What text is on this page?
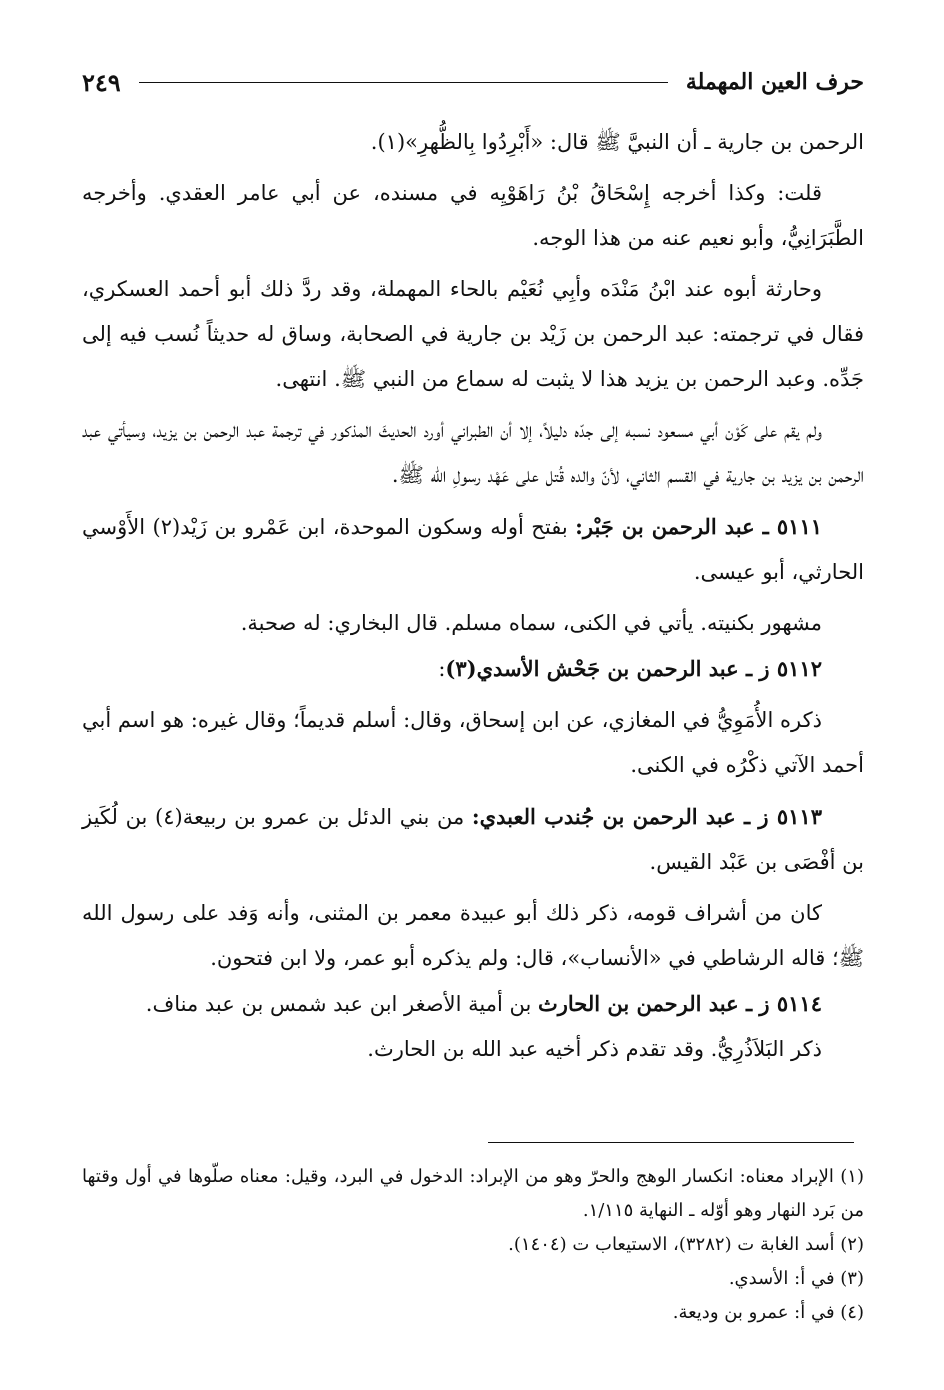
حرف العين المهملة
٢٤٩

الرحمن بن جارية ـ أن النبيَّ ﷺ قال: «أَبْرِدُوا بِالظُّهرِ»(١).

قلت: وكذا أخرجه إِسْحَاقُ بْنُ رَاهَوْيِه في مسنده، عن أبي عامر العقدي. وأخرجه الطَّبَرَانِيُّ، وأبو نعيم عنه من هذا الوجه.

وحارثة أبوه عند ابْنُ مَنْدَه وأبِي نُعَيْم بالحاء المهملة، وقد ردَّ ذلك أبو أحمد العسكري، فقال في ترجمته: عبد الرحمن بن زَيْد بن جارية في الصحابة، وساق له حديثاً نُسب فيه إلى جَدِّه. وعبد الرحمن بن يزيد هذا لا يثبت له سماع من النبي ﷺ. انتهى.

ولم يقم على كَوْن أبي مسعود نسبه إلى جدّه دليلاً، إلا أن الطبراني أورد الحديثَ المذكور في ترجمة عبد الرحمن بن يزيد، وسيأتي عبد الرحمن بن يزيد بن جارية في القسم الثاني، لأنّ والده قُتل على عَهْد رسولِ الله ﷺ.

٥١١١ ـ عبد الرحمن بن جَبْر: بفتح أوله وسكون الموحدة، ابن عَمْرو بن زَيْد(٢) الأَوْسي الحارثي، أبو عيسى.

مشهور بكنيته. يأتي في الكنى، سماه مسلم. قال البخاري: له صحبة.

٥١١٢ ز ـ عبد الرحمن بن جَحْش الأسدي(٣):

ذكره الأُمَوِيُّ في المغازي، عن ابن إسحاق، وقال: أسلم قديماً؛ وقال غيره: هو اسم أبي أحمد الآتي ذكْرُه في الكنى.

٥١١٣ ز ـ عبد الرحمن بن جُندب العبدي: من بني الدئل بن عمرو بن ربيعة(٤) بن لُكَيز بن أفْصَى بن عَبْد القيس.

كان من أشراف قومه، ذكر ذلك أبو عبيدة معمر بن المثنى، وأنه وَفد على رسول الله ﷺ؛ قاله الرشاطي في «الأنساب»، قال: ولم يذكره أبو عمر، ولا ابن فتحون.

٥١١٤ ز ـ عبد الرحمن بن الحارث بن أمية الأصغر ابن عبد شمس بن عبد مناف.

ذكر البَلاَذُرِيُّ. وقد تقدم ذكر أخيه عبد الله بن الحارث.

(١) الإبراد معناه: انكسار الوهج والحرّ وهو من الإبراد: الدخول في البرد، وقيل: معناه صلّوها في أول وقتها من بَرد النهار وهو أوّله ـ النهاية ١/١١٥.

(٢) أسد الغابة ت (٣٢٨٢)، الاستيعاب ت (١٤٠٤).

(٣) في أ: الأسدي.

(٤) في أ: عمرو بن وديعة.
